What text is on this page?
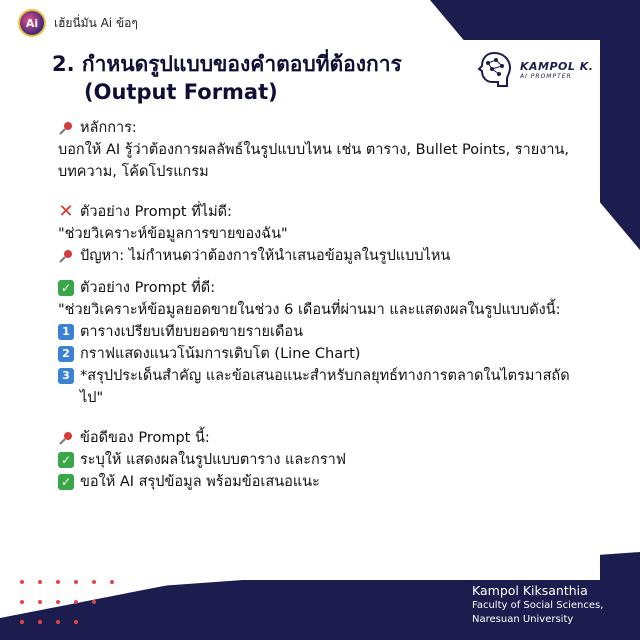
Ai	เฮ้ยนี่มัน Ai ข้อๆ
2. กำหนดรูปแบบของคำตอบที่ต้องการ
(Output Format)
KAMPOL K.
AI PROMPTER
หลักการ:
บอกให้ AI รู้ว่าต้องการผลลัพธ์ในรูปแบบไหน เช่น ตาราง, Bullet Points, รายงาน, บทความ, โค้ดโปรแกรม
✕ ตัวอย่าง Prompt ที่ไม่ดี:
"ช่วยวิเคราะห์ข้อมูลการขายของฉัน"
ปัญหา: ไม่กำหนดว่าต้องการให้นำเสนอข้อมูลในรูปแบบไหน
✓ ตัวอย่าง Prompt ที่ดี:
"ช่วยวิเคราะห์ข้อมูลยอดขายในช่วง 6 เดือนที่ผ่านมา และแสดงผลในรูปแบบดังนี้:
1 ตารางเปรียบเทียบยอดขายรายเดือน
2 กราฟแสดงแนวโน้มการเติบโต (Line Chart)
3 *สรุปประเด็นสำคัญ และข้อเสนอแนะสำหรับกลยุทธ์ทางการตลาดในไตรมาสถัดไป"
ข้อดีของ Prompt นี้:
✓ ระบุให้ แสดงผลในรูปแบบตาราง และกราฟ
✓ ขอให้ AI สรุปข้อมูล พร้อมข้อเสนอแนะ
Kampol Kiksanthia
Faculty of Social Sciences,
Naresuan University
